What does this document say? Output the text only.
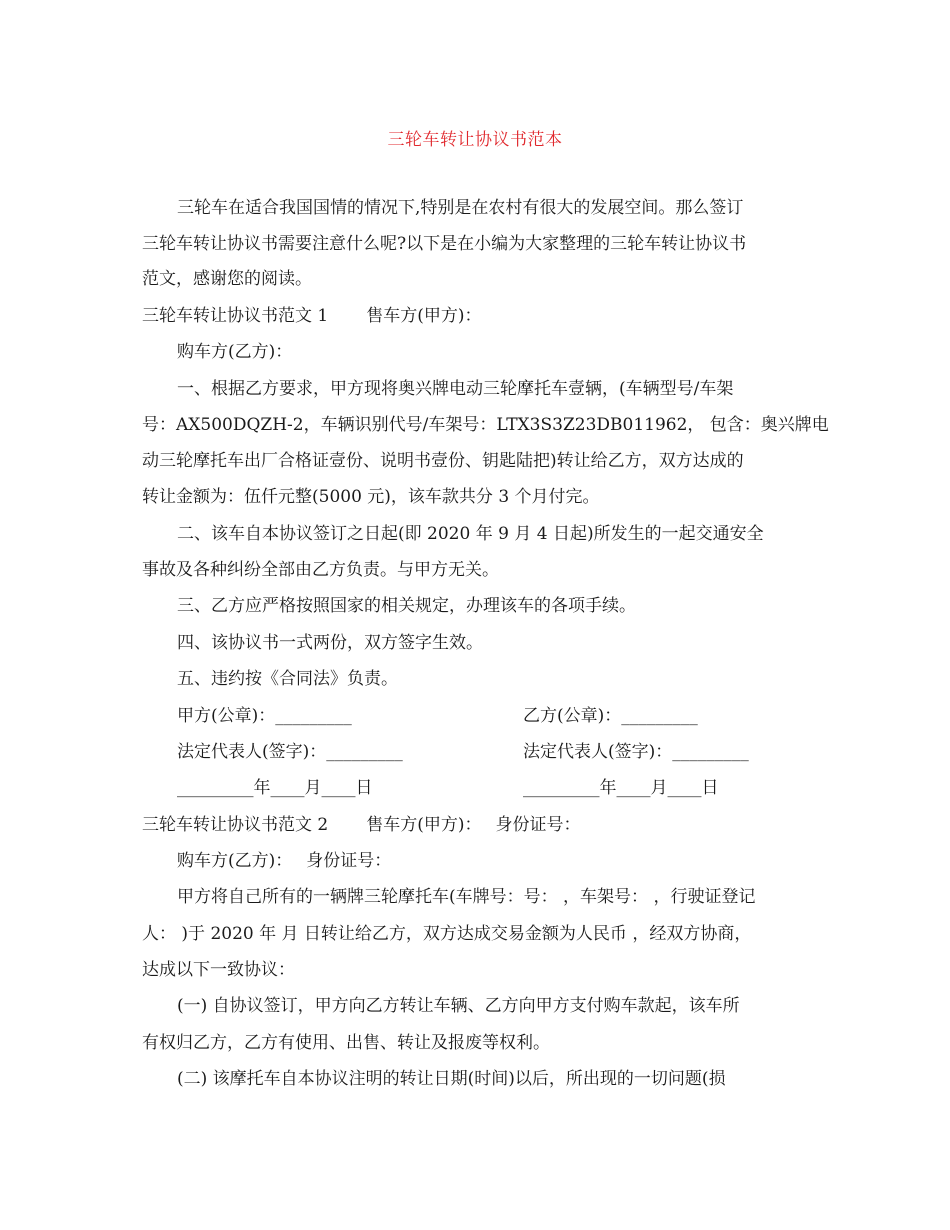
三轮车转让协议书范本
三轮车在适合我国国情的情况下,特别是在农村有很大的发展空间。那么签订
三轮车转让协议书需要注意什么呢?以下是在小编为大家整理的三轮车转让协议书
范文，感谢您的阅读。
三轮车转让协议书范文 1 售车方(甲方)：
购车方(乙方)：
一、根据乙方要求，甲方现将奥兴牌电动三轮摩托车壹辆，(车辆型号/车架
号：AX500DQZH-2，车辆识别代号/车架号：LTX3S3Z23DB011962， 包含：奥兴牌电
动三轮摩托车出厂合格证壹份、说明书壹份、钥匙陆把)转让给乙方，双方达成的
转让金额为：伍仟元整(5000 元)，该车款共分 3 个月付完。
二、该车自本协议签订之日起(即 2020 年 9 月 4 日起)所发生的一起交通安全
事故及各种纠纷全部由乙方负责。与甲方无关。
三、乙方应严格按照国家的相关规定，办理该车的各项手续。
四、该协议书一式两份，双方签字生效。
五、违约按《合同法》负责。
甲方(公章)：_________	乙方(公章)：_________
法定代表人(签字)：_________	法定代表人(签字)：_________
_________年____月____日	_________年____月____日
三轮车转让协议书范文 2 售车方(甲方)： 身份证号：
购车方(乙方)： 身份证号：
甲方将自己所有的一辆牌三轮摩托车(车牌号：号： ，车架号： ，行驶证登记
人： )于 2020 年 月 日转让给乙方，双方达成交易金额为人民币 ，经双方协商，
达成以下一致协议：
(一) 自协议签订，甲方向乙方转让车辆、乙方向甲方支付购车款起，该车所
有权归乙方，乙方有使用、出售、转让及报废等权利。
(二) 该摩托车自本协议注明的转让日期(时间)以后，所出现的一切问题(损
